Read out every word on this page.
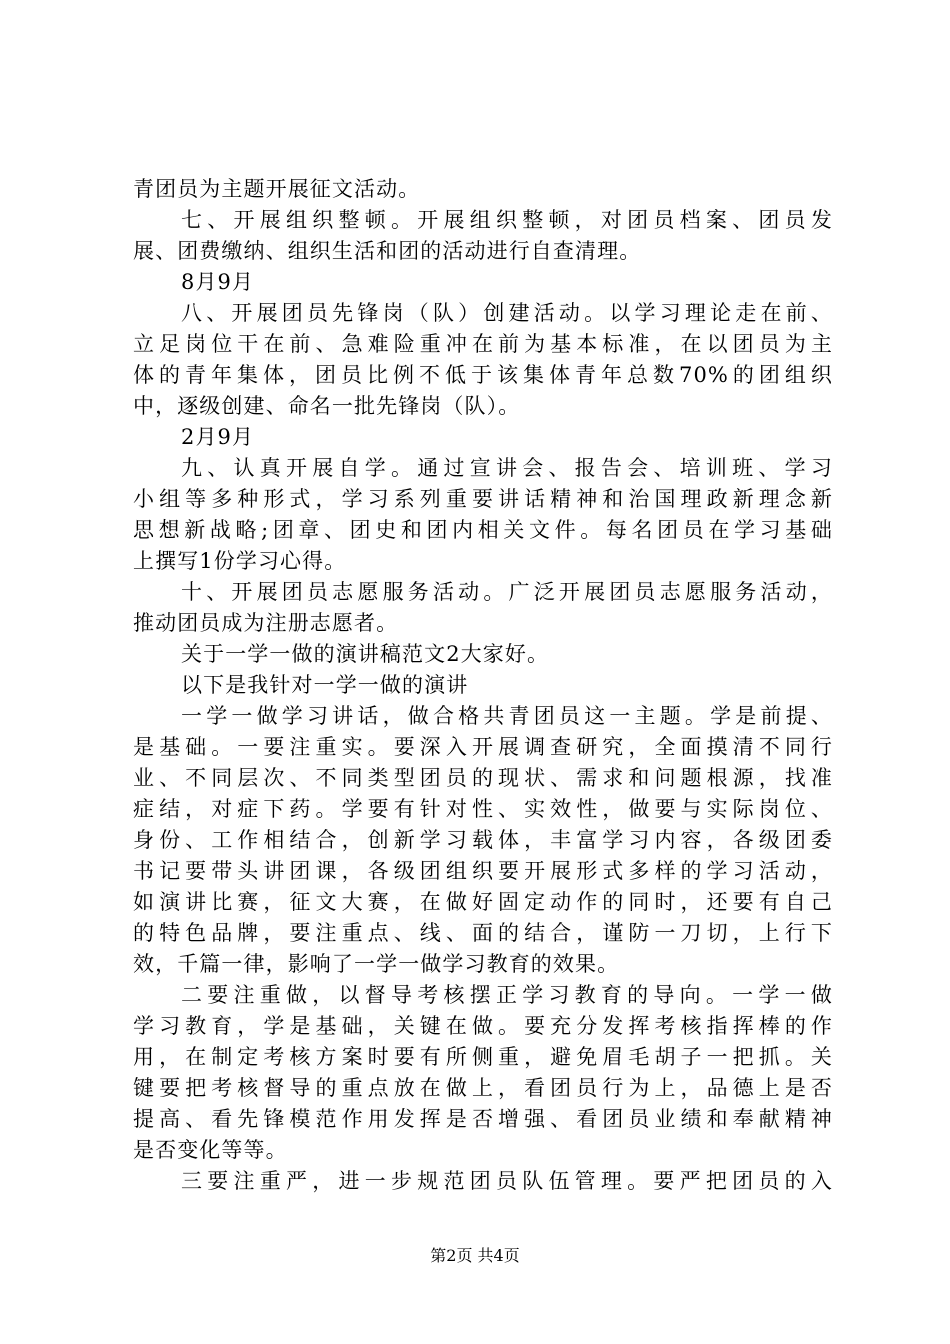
青团员为主题开展征文活动。
七、开展组织整顿。开展组织整顿，对团员档案、团员发
展、团费缴纳、组织生活和团的活动进行自查清理。
8月9月
八、开展团员先锋岗（队）创建活动。以学习理论走在前、
立足岗位干在前、急难险重冲在前为基本标准，在以团员为主
体的青年集体，团员比例不低于该集体青年总数70%的团组织
中，逐级创建、命名一批先锋岗（队）。
2月9月
九、认真开展自学。通过宣讲会、报告会、培训班、学习
小组等多种形式，学习系列重要讲话精神和治国理政新理念新
思想新战略;团章、团史和团内相关文件。每名团员在学习基础
上撰写1份学习心得。
十、开展团员志愿服务活动。广泛开展团员志愿服务活动，
推动团员成为注册志愿者。
关于一学一做的演讲稿范文2大家好。
以下是我针对一学一做的演讲
一学一做学习讲话，做合格共青团员这一主题。学是前提、
是基础。一要注重实。要深入开展调查研究，全面摸清不同行
业、不同层次、不同类型团员的现状、需求和问题根源，找准
症结，对症下药。学要有针对性、实效性，做要与实际岗位、
身份、工作相结合，创新学习载体，丰富学习内容，各级团委
书记要带头讲团课，各级团组织要开展形式多样的学习活动，
如演讲比赛，征文大赛，在做好固定动作的同时，还要有自己
的特色品牌，要注重点、线、面的结合，谨防一刀切，上行下
效，千篇一律，影响了一学一做学习教育的效果。
二要注重做，以督导考核摆正学习教育的导向。一学一做
学习教育，学是基础，关键在做。要充分发挥考核指挥棒的作
用，在制定考核方案时要有所侧重，避免眉毛胡子一把抓。关
键要把考核督导的重点放在做上，看团员行为上，品德上是否
提高、看先锋模范作用发挥是否增强、看团员业绩和奉献精神
是否变化等等。
三要注重严，进一步规范团员队伍管理。要严把团员的入
第2页 共4页
